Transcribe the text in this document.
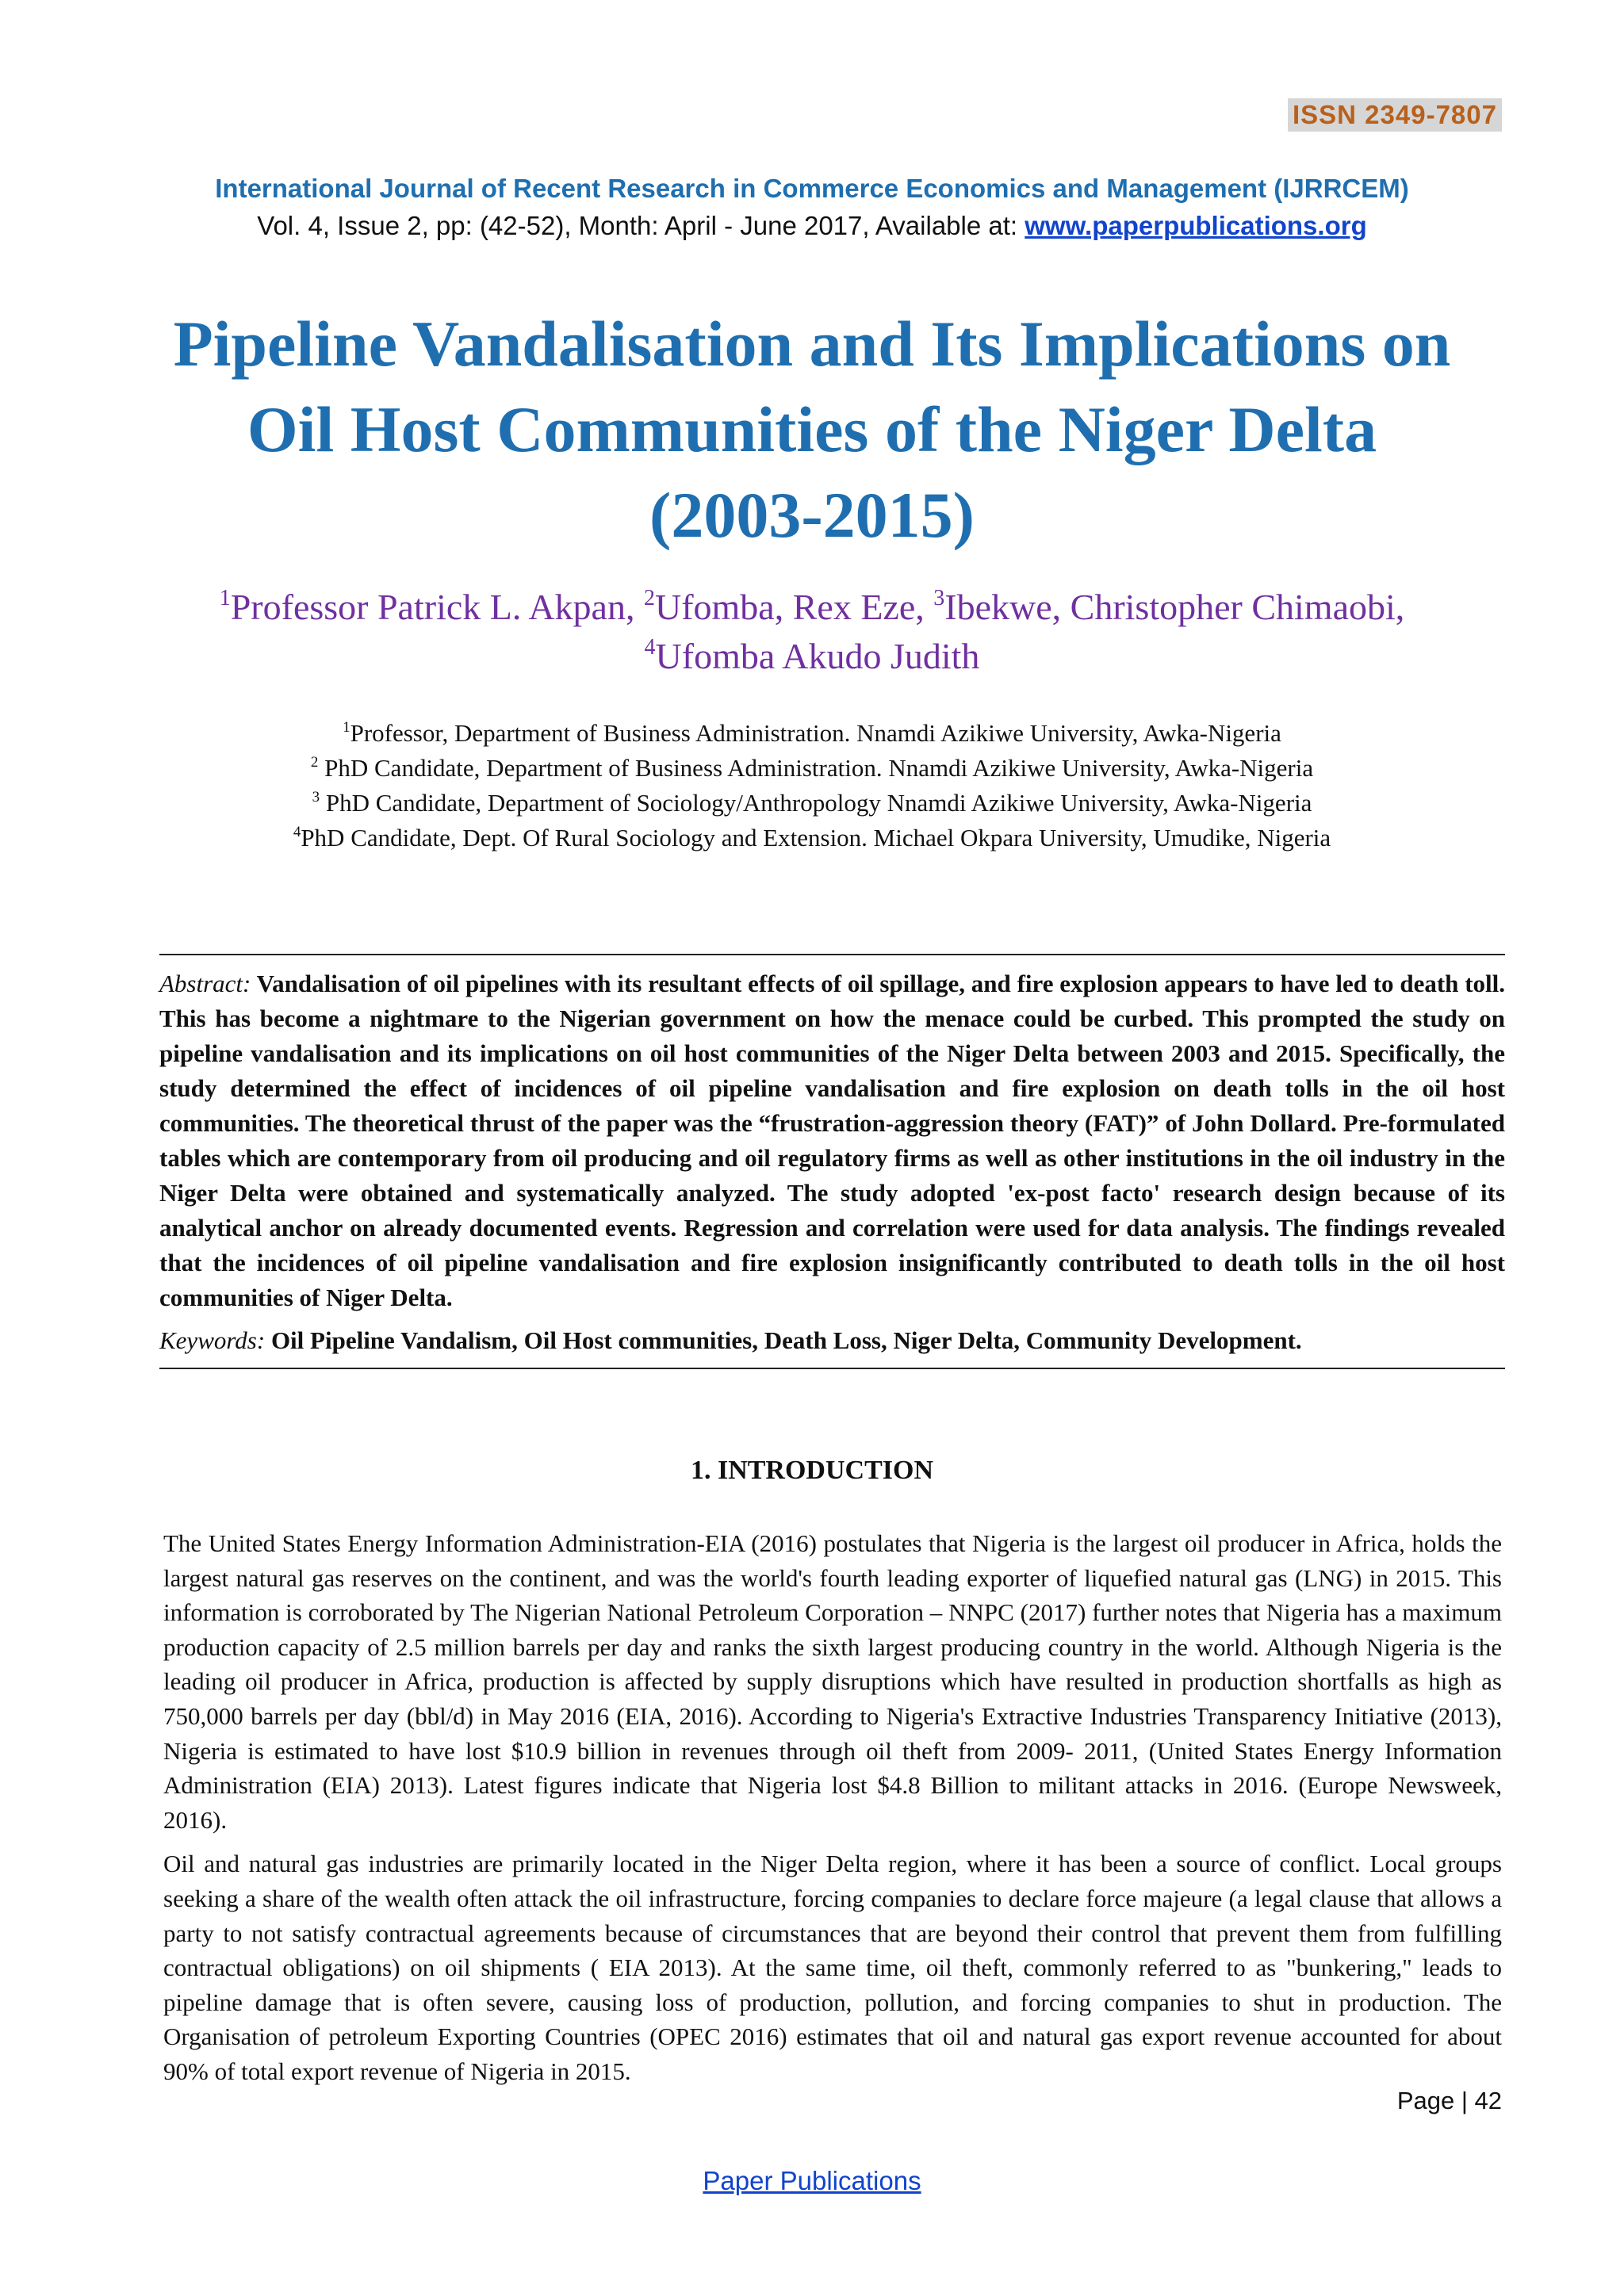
ISSN 2349-7807
International Journal of Recent Research in Commerce Economics and Management (IJRRCEM)
Vol. 4, Issue 2, pp: (42-52), Month: April - June 2017, Available at: www.paperpublications.org
Pipeline Vandalisation and Its Implications on
Oil Host Communities of the Niger Delta
(2003-2015)
$^1$Professor Patrick L. Akpan, $^2$Ufomba, Rex Eze, $^3$Ibekwe, Christopher Chimaobi,
$^4$Ufomba Akudo Judith
$^1$Professor, Department of Business Administration. Nnamdi Azikiwe University, Awka-Nigeria
$^2$ PhD Candidate, Department of Business Administration. Nnamdi Azikiwe University, Awka-Nigeria
$^3$ PhD Candidate, Department of Sociology/Anthropology Nnamdi Azikiwe University, Awka-Nigeria
$^4$PhD Candidate, Dept. Of Rural Sociology and Extension. Michael Okpara University, Umudike, Nigeria

Abstract: Vandalisation of oil pipelines with its resultant effects of oil spillage, and fire explosion appears to have led to death toll. This has become a nightmare to the Nigerian government on how the menace could be curbed. This prompted the study on pipeline vandalisation and its implications on oil host communities of the Niger Delta between 2003 and 2015. Specifically, the study determined the effect of incidences of oil pipeline vandalisation and fire explosion on death tolls in the oil host communities. The theoretical thrust of the paper was the “frustration-aggression theory (FAT)” of John Dollard. Pre-formulated tables which are contemporary from oil producing and oil regulatory firms as well as other institutions in the oil industry in the Niger Delta were obtained and systematically analyzed. The study adopted 'ex-post facto' research design because of its analytical anchor on already documented events. Regression and correlation were used for data analysis. The findings revealed that the incidences of oil pipeline vandalisation and fire explosion insignificantly contributed to death tolls in the oil host communities of Niger Delta.

Keywords: Oil Pipeline Vandalism, Oil Host communities, Death Loss, Niger Delta, Community Development.

1. INTRODUCTION

The United States Energy Information Administration-EIA (2016) postulates that Nigeria is the largest oil producer in Africa, holds the largest natural gas reserves on the continent, and was the world's fourth leading exporter of liquefied natural gas (LNG) in 2015. This information is corroborated by The Nigerian National Petroleum Corporation – NNPC (2017) further notes that Nigeria has a maximum production capacity of 2.5 million barrels per day and ranks the sixth largest producing country in the world. Although Nigeria is the leading oil producer in Africa, production is affected by supply disruptions which have resulted in production shortfalls as high as 750,000 barrels per day (bbl/d) in May 2016 (EIA, 2016). According to Nigeria's Extractive Industries Transparency Initiative (2013), Nigeria is estimated to have lost $10.9 billion in revenues through oil theft from 2009- 2011, (United States Energy Information Administration (EIA) 2013). Latest figures indicate that Nigeria lost $4.8 Billion to militant attacks in 2016. (Europe Newsweek, 2016).

Oil and natural gas industries are primarily located in the Niger Delta region, where it has been a source of conflict. Local groups seeking a share of the wealth often attack the oil infrastructure, forcing companies to declare force majeure (a legal clause that allows a party to not satisfy contractual agreements because of circumstances that are beyond their control that prevent them from fulfilling contractual obligations) on oil shipments ( EIA 2013). At the same time, oil theft, commonly referred to as "bunkering," leads to pipeline damage that is often severe, causing loss of production, pollution, and forcing companies to shut in production. The Organisation of petroleum Exporting Countries (OPEC 2016) estimates that oil and natural gas export revenue accounted for about 90% of total export revenue of Nigeria in 2015.

Page | 42
Paper Publications
